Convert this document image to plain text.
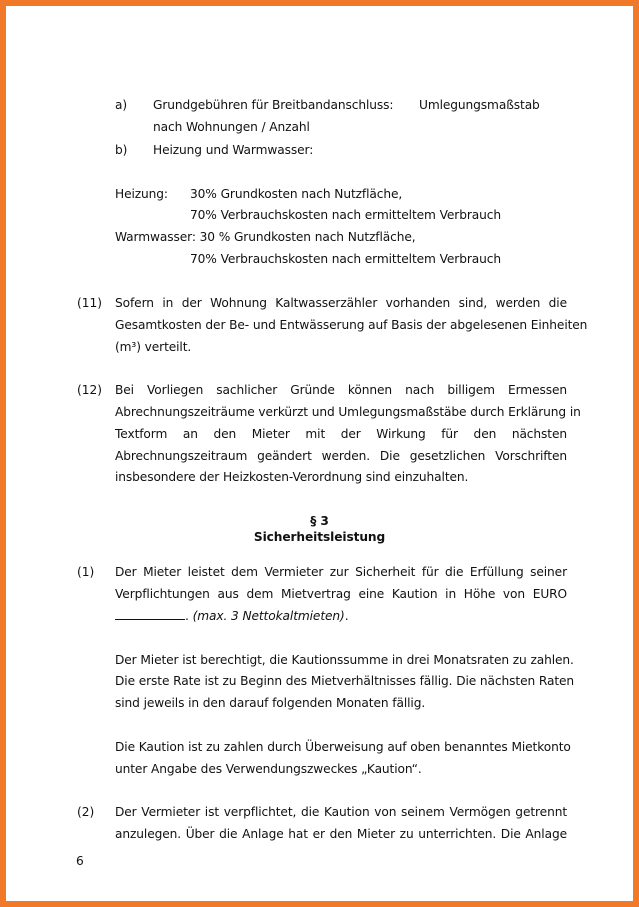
a) Grundgebühren für Breitbandanschluss: Umlegungsmaßstab
nach Wohnungen / Anzahl
b) Heizung und Warmwasser:
Heizung: 30% Grundkosten nach Nutzfläche,
70% Verbrauchskosten nach ermitteltem Verbrauch
Warmwasser: 30 % Grundkosten nach Nutzfläche,
70% Verbrauchskosten nach ermitteltem Verbrauch
(11) Sofern in der Wohnung Kaltwasserzähler vorhanden sind, werden die
Gesamtkosten der Be- und Entwässerung auf Basis der abgelesenen Einheiten
(m³) verteilt.
(12) Bei Vorliegen sachlicher Gründe können nach billigem Ermessen
Abrechnungszeiträume verkürzt und Umlegungsmaßstäbe durch Erklärung in
Textform an den Mieter mit der Wirkung für den nächsten
Abrechnungszeitraum geändert werden. Die gesetzlichen Vorschriften
insbesondere der Heizkosten-Verordnung sind einzuhalten.
§ 3
Sicherheitsleistung
(1) Der Mieter leistet dem Vermieter zur Sicherheit für die Erfüllung seiner
Verpflichtungen aus dem Mietvertrag eine Kaution in Höhe von EURO
. (max. 3 Nettokaltmieten).
Der Mieter ist berechtigt, die Kautionssumme in drei Monatsraten zu zahlen.
Die erste Rate ist zu Beginn des Mietverhältnisses fällig. Die nächsten Raten
sind jeweils in den darauf folgenden Monaten fällig.
Die Kaution ist zu zahlen durch Überweisung auf oben benanntes Mietkonto
unter Angabe des Verwendungszweckes „Kaution“.
(2) Der Vermieter ist verpflichtet, die Kaution von seinem Vermögen getrennt
anzulegen. Über die Anlage hat er den Mieter zu unterrichten. Die Anlage
6
